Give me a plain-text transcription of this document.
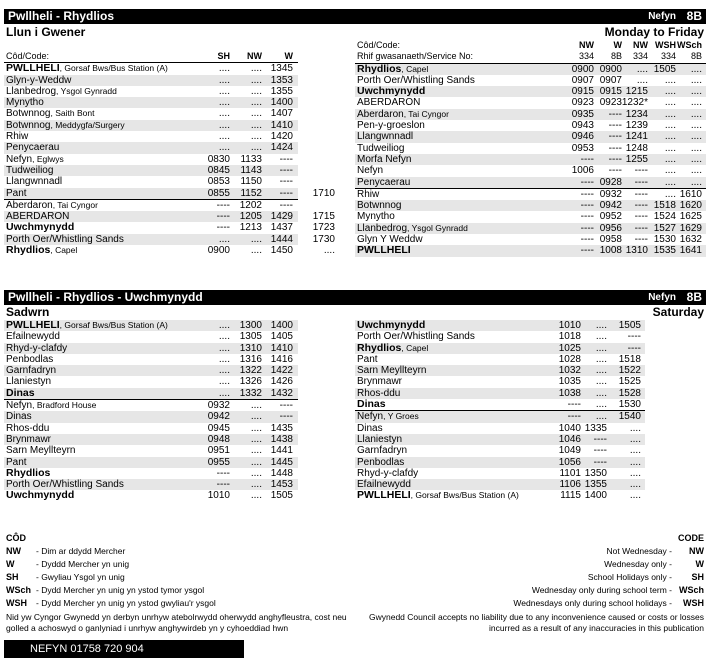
Pwllheli - Rhydlios	Nefyn 8B
Llun i Gwener	Monday to Friday
Côd/Code:	SH NW	W
PWLLHELI, Gorsaf Bws/Bus Station (A)	.... .... 1345
Glyn-y-Weddw	.... .... 1353
Llanbedrog, Ysgol Gynradd	.... .... 1355
Mynytho	.... .... 1400
Botwnnog, Saith Bont	.... .... 1407
Botwnnog, Meddygfa/Surgery	.... .... 1410
Rhiw	.... .... 1420
Penycaerau	.... .... 1424
Nefyn, Eglwys	0830 1133 ----
Tudweiliog	0845 1143 ----
Llangwnnadl	0853 1150 ----
Pant	0855 1152 ---- 1710
Aberdaron, Tai Cyngor	---- 1202 ----
ABERDARON	---- 1205 1429 1715
Uwchmynydd	---- 1213 1437 1723
Porth Oer/Whistling Sands	.... .... 1444 1730
Rhydlios, Capel	0900 .... 1450	....
Côd/Code:	NW W NW WSH WSch
Rhif gwasanaeth/Service No:	334 8B 334 334 8B
Rhydlios, Capel	0900 0900 .... 1505 ....
Porth Oer/Whistling Sands	0907 0907 .... .... ....
Uwchmynydd	0915 0915 1215 .... ....
ABERDARON	0923 0923 1232* .... ....
Aberdaron, Tai Cyngor	0935 ---- 1234 .... ....
Pen-y-groeslon	0943 ---- 1239 .... ....
Llangwnnadl	0946 ---- 1241 .... ....
Tudweiliog	0953 ---- 1248 .... ....
Morfa Nefyn	---- ---- 1255 .... ....
Nefyn	1006 ---- ---- .... ....
Penycaerau	---- 0928 ---- .... ....
Rhiw	---- 0932 ---- .... 1610
Botwnnog	---- 0942 ---- 1518 1620
Mynytho	---- 0952 ---- 1524 1625
Llanbedrog, Ysgol Gynradd	---- 0956 ---- 1527 1629
Glyn Y Weddw	---- 0958 ---- 1530 1632
PWLLHELI	---- 1008 1310 1535 1641
Pwllheli - Rhydlios - Uwchmynydd	Nefyn 8B
Sadwrn	Saturday
PWLLHELI, Gorsaf Bws/Bus Station (A)	.... 1300 1400
Efailnewydd	.... 1305 1405
Rhyd-y-clafdy	.... 1310 1410
Penbodlas	.... 1316 1416
Garnfadryn	.... 1322 1422
Llaniestyn	.... 1326 1426
Dinas	.... 1332 1432
Nefyn, Bradford House	0932 .... ----
Dinas	0942 .... ----
Rhos-ddu	0945 .... 1435
Brynmawr	0948 .... 1438
Sarn Meyllteyrn	0951 .... 1441
Pant	0955 .... 1445
Rhydlios	---- .... 1448
Porth Oer/Whistling Sands	---- .... 1453
Uwchmynydd	1010 .... 1505
Uwchmynydd	1010 .... 1505
Porth Oer/Whistling Sands	1018 .... ----
Rhydlios, Capel	1025 .... ----
Pant	1028 .... 1518
Sarn Meyllteyrn	1032 .... 1522
Brynmawr	1035 .... 1525
Rhos-ddu	1038 .... 1528
Dinas	---- .... 1530
Nefyn, Y Groes	---- .... 1540
Dinas	1040 1335 ....
Llaniestyn	1046 ---- ....
Garnfadryn	1049 ---- ....
Penbodlas	1056 ---- ....
Rhyd-y-clafdy	1101 1350 ....
Efailnewydd	1106 1355 ....
PWLLHELI, Gorsaf Bws/Bus Station (A)	1115 1400 ....
CÔD
NW - Dim ar ddydd Mercher
W	- Dyddd Mercher yn unig
SH - Gwyliau Ysgol yn unig
WSch - Dydd Mercher yn unig yn ystod tymor ysgol
WSH - Dydd Mercher yn unig yn ystod gwyliau'r ysgol
CODE
Not Wednesday - NW
Wednesday only -	W
School Holidays only - SH
Wednesday only during school term - WSch
Wednesdays only during school holidays - WSH
Nid yw Cyngor Gwynedd yn derbyn unrhyw atebolrwydd oherwydd anghyfleustra, cost neu golled a achoswyd o ganlyniad i unrhyw anghywirdeb yn y cyhoeddiad hwn
Gwynedd Council accepts no liability due to any inconvenience caused or costs or losses incurred as a result of any inaccuracies in this publication
NEFYN 01758 720 904
